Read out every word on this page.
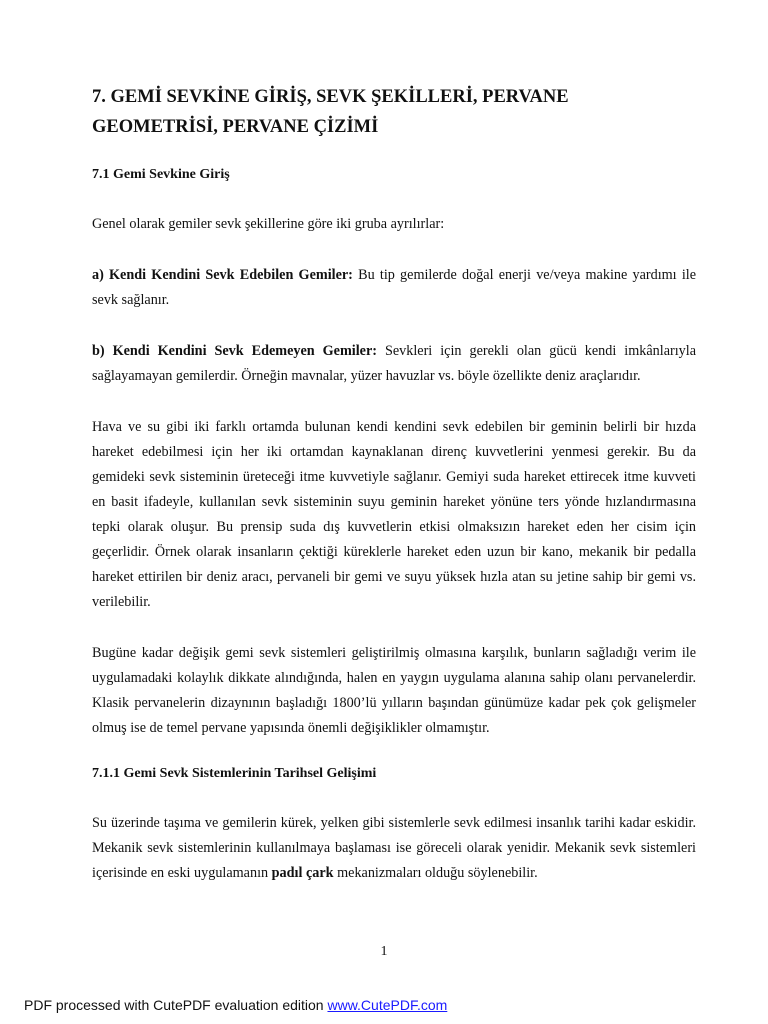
7. GEMİ SEVKİNE GİRİŞ, SEVK ŞEKİLLERİ, PERVANE GEOMETRİSİ, PERVANE ÇİZİMİ
7.1 Gemi Sevkine Giriş
Genel olarak gemiler sevk şekillerine göre iki gruba ayrılırlar:
a) Kendi Kendini Sevk Edebilen Gemiler: Bu tip gemilerde doğal enerji ve/veya makine yardımı ile sevk sağlanır.
b) Kendi Kendini Sevk Edemeyen Gemiler: Sevkleri için gerekli olan gücü kendi imkânlarıyla sağlayamayan gemilerdir. Örneğin mavnalar, yüzer havuzlar vs. böyle özellikte deniz araçlarıdır.
Hava ve su gibi iki farklı ortamda bulunan kendi kendini sevk edebilen bir geminin belirli bir hızda hareket edebilmesi için her iki ortamdan kaynaklanan direnç kuvvetlerini yenmesi gerekir. Bu da gemideki sevk sisteminin üreteceği itme kuvvetiyle sağlanır. Gemiyi suda hareket ettirecek itme kuvveti en basit ifadeyle, kullanılan sevk sisteminin suyu geminin hareket yönüne ters yönde hızlandırmasına tepki olarak oluşur. Bu prensip suda dış kuvvetlerin etkisi olmaksızın hareket eden her cisim için geçerlidir. Örnek olarak insanların çektiği küreklerle hareket eden uzun bir kano, mekanik bir pedalla hareket ettirilen bir deniz aracı, pervaneli bir gemi ve suyu yüksek hızla atan su jetine sahip bir gemi vs. verilebilir.
Bugüne kadar değişik gemi sevk sistemleri geliştirilmiş olmasına karşılık, bunların sağladığı verim ile uygulamadaki kolaylık dikkate alındığında, halen en yaygın uygulama alanına sahip olanı pervanelerdir. Klasik pervanelerin dizaynının başladığı 1800’lü yılların başından günümüze kadar pek çok gelişmeler olmuş ise de temel pervane yapısında önemli değişiklikler olmamıştır.
7.1.1 Gemi Sevk Sistemlerinin Tarihsel Gelişimi
Su üzerinde taşıma ve gemilerin kürek, yelken gibi sistemlerle sevk edilmesi insanlık tarihi kadar eskidir. Mekanik sevk sistemlerinin kullanılmaya başlaması ise göreceli olarak yenidir. Mekanik sevk sistemleri içerisinde en eski uygulamanın padıl çark mekanizmaları olduğu söylenebilir.
1
PDF processed with CutePDF evaluation edition www.CutePDF.com
